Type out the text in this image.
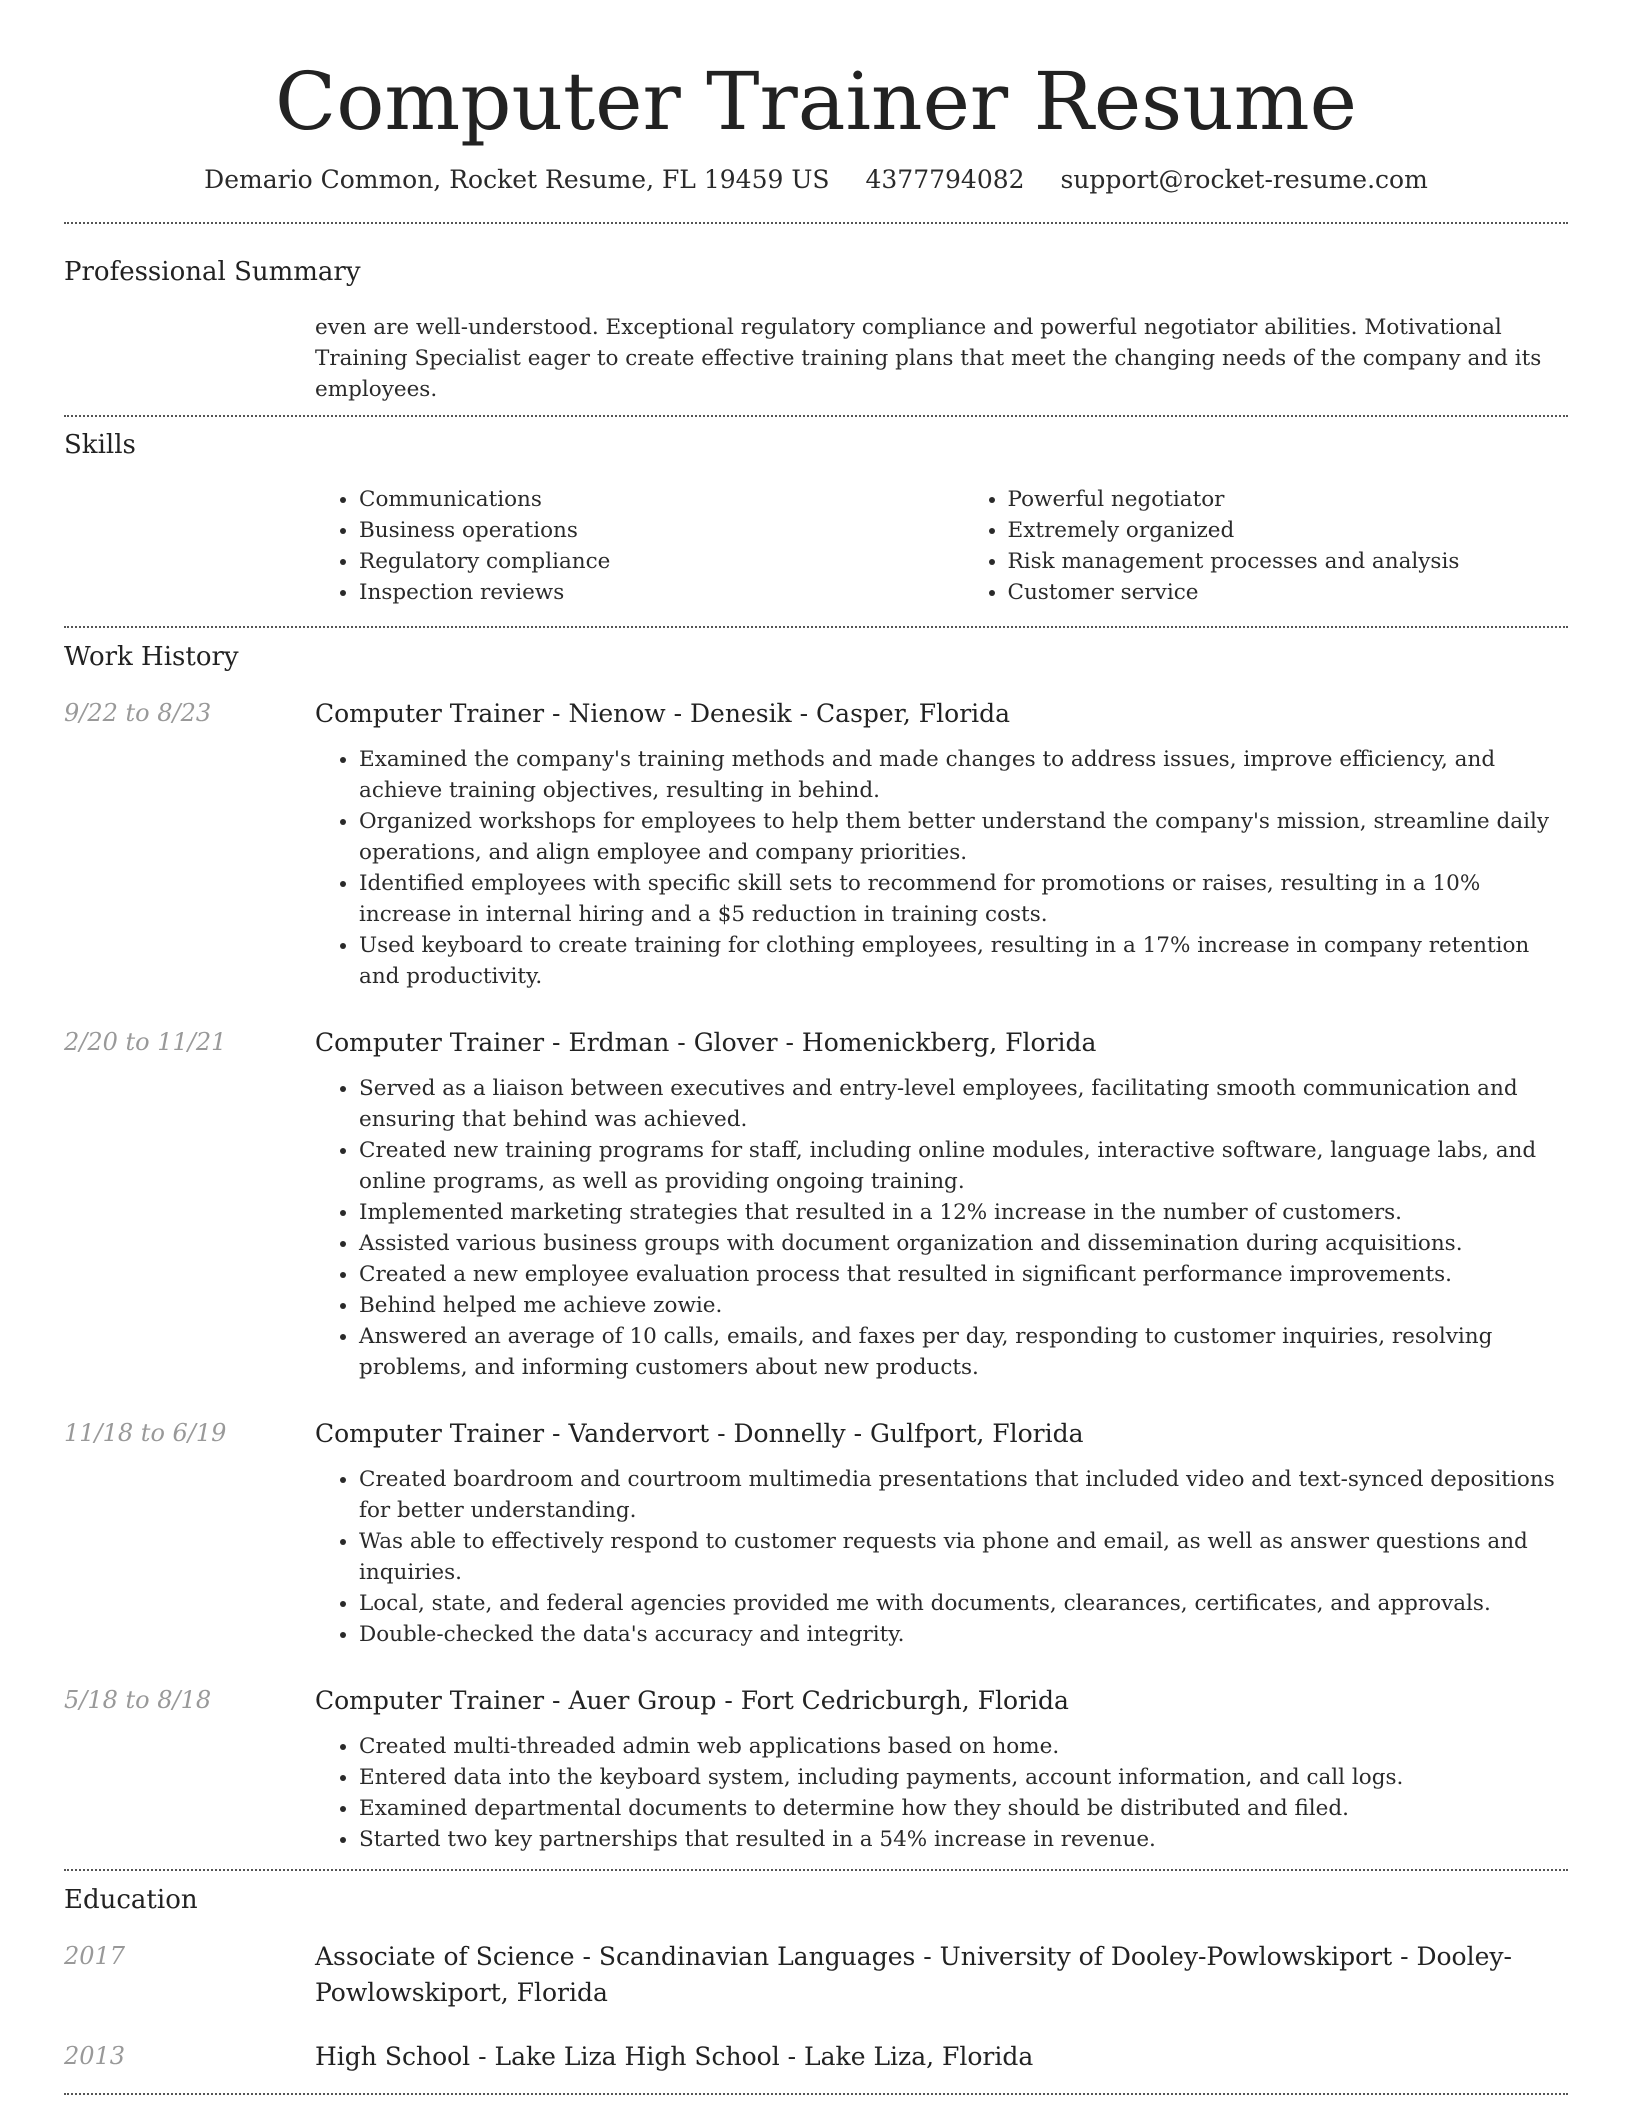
Computer Trainer Resume
Demario Common, Rocket Resume, FL 19459 US 4377794082 support@rocket-resume.com
Professional Summary
even are well-understood. Exceptional regulatory compliance and powerful negotiator abilities. Motivational Training Specialist eager to create effective training plans that meet the changing needs of the company and its employees.
Skills
• Communications
• Business operations
• Regulatory compliance
• Inspection reviews
• Powerful negotiator
• Extremely organized
• Risk management processes and analysis
• Customer service
Work History
9/22 to 8/23	Computer Trainer - Nienow - Denesik - Casper, Florida
• Examined the company's training methods and made changes to address issues, improve efficiency, and achieve training objectives, resulting in behind.
• Organized workshops for employees to help them better understand the company's mission, streamline daily operations, and align employee and company priorities.
• Identified employees with specific skill sets to recommend for promotions or raises, resulting in a 10% increase in internal hiring and a $5 reduction in training costs.
• Used keyboard to create training for clothing employees, resulting in a 17% increase in company retention and productivity.
2/20 to 11/21	Computer Trainer - Erdman - Glover - Homenickberg, Florida
• Served as a liaison between executives and entry-level employees, facilitating smooth communication and ensuring that behind was achieved.
• Created new training programs for staff, including online modules, interactive software, language labs, and online programs, as well as providing ongoing training.
• Implemented marketing strategies that resulted in a 12% increase in the number of customers.
• Assisted various business groups with document organization and dissemination during acquisitions.
• Created a new employee evaluation process that resulted in significant performance improvements.
• Behind helped me achieve zowie.
• Answered an average of 10 calls, emails, and faxes per day, responding to customer inquiries, resolving problems, and informing customers about new products.
11/18 to 6/19	Computer Trainer - Vandervort - Donnelly - Gulfport, Florida
• Created boardroom and courtroom multimedia presentations that included video and text-synced depositions for better understanding.
• Was able to effectively respond to customer requests via phone and email, as well as answer questions and inquiries.
• Local, state, and federal agencies provided me with documents, clearances, certificates, and approvals.
• Double-checked the data's accuracy and integrity.
5/18 to 8/18	Computer Trainer - Auer Group - Fort Cedricburgh, Florida
• Created multi-threaded admin web applications based on home.
• Entered data into the keyboard system, including payments, account information, and call logs.
• Examined departmental documents to determine how they should be distributed and filed.
• Started two key partnerships that resulted in a 54% increase in revenue.
Education
2017	Associate of Science - Scandinavian Languages - University of Dooley-Powlowskiport - Dooley-Powlowskiport, Florida
2013	High School - Lake Liza High School - Lake Liza, Florida
